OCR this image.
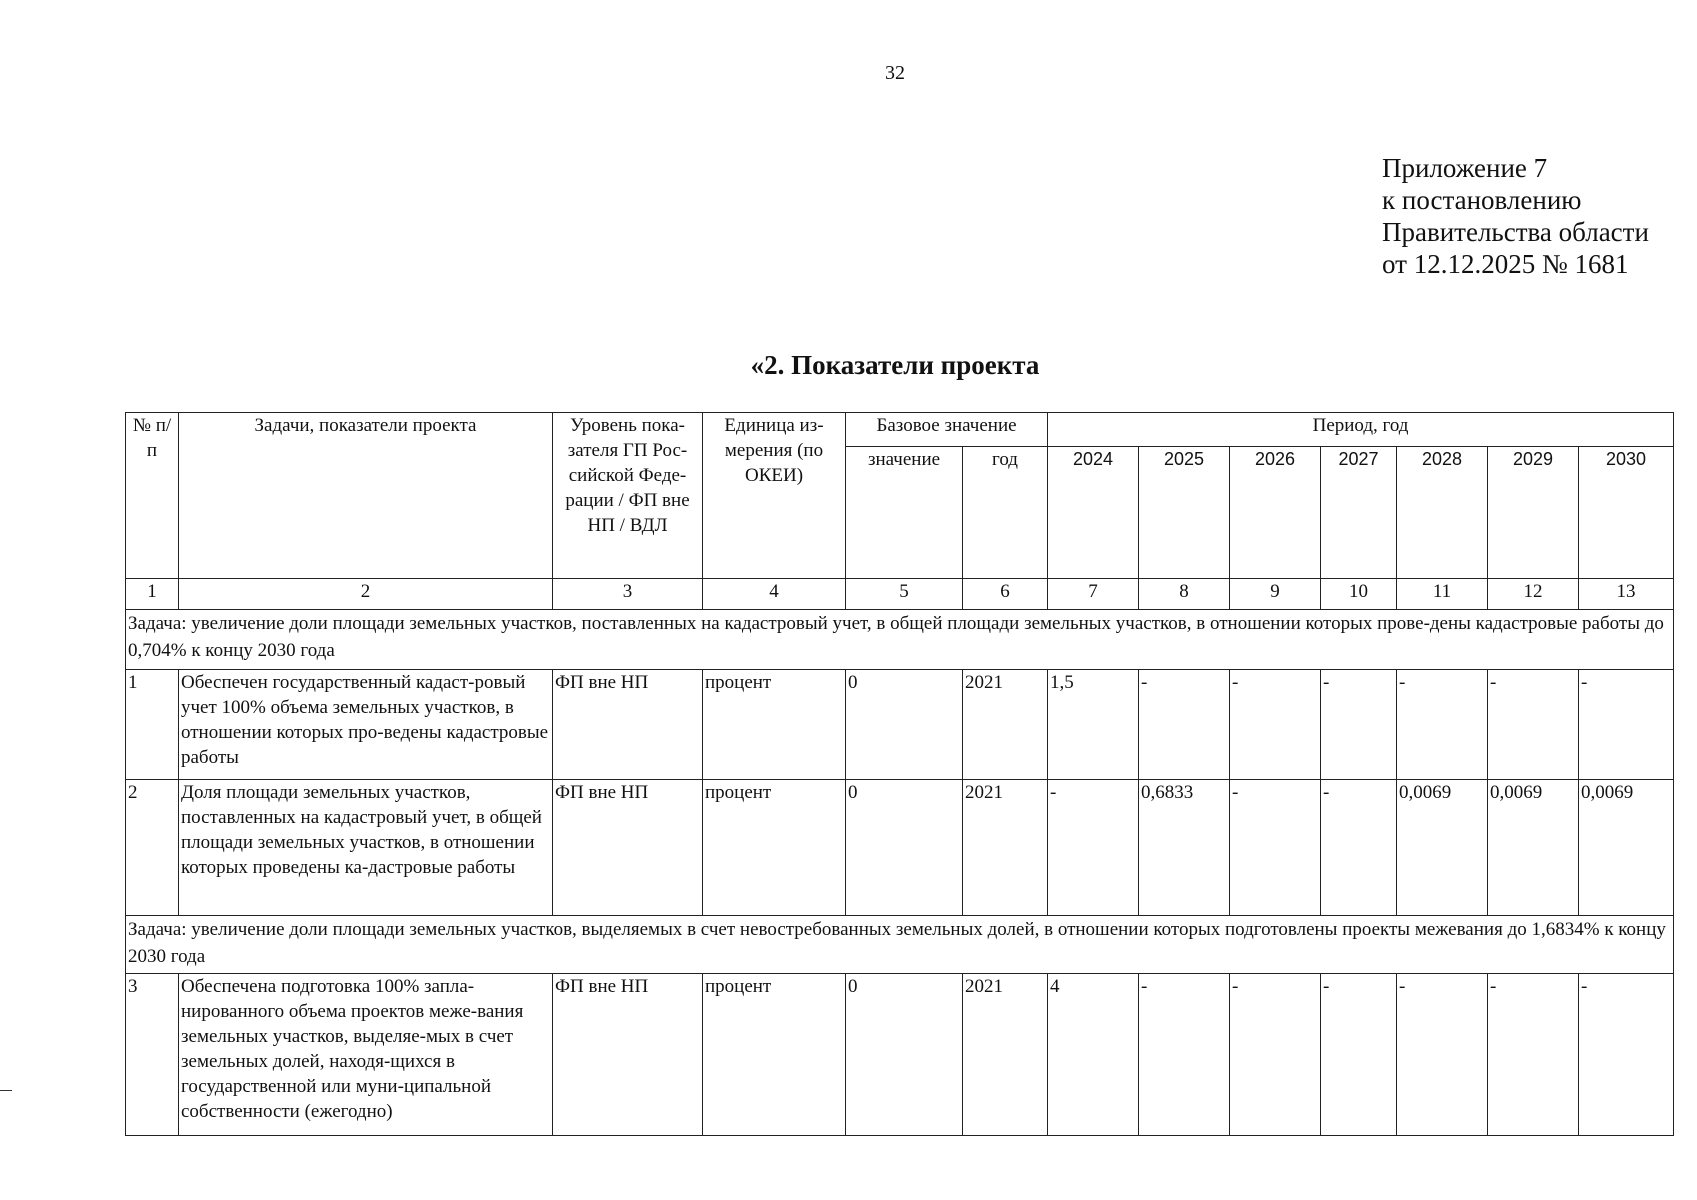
32
Приложение 7
к постановлению
Правительства области
от 12.12.2025 № 1681
«2. Показатели проекта
№ п/п	Задачи, показатели проекта	Уровень пока-зателя ГП Рос-сийской Феде-рации / ФП вне НП / ВДЛ	Единица из-мерения (по ОКЕИ)	Базовое значение		Период, год						
				значение	год	2024	2025	2026	2027	2028	2029	2030
1	2	3	4	5	6	7	8	9	10	11	12	13
Задача: увеличение доли площади земельных участков, поставленных на кадастровый учет, в общей площади земельных участков, в отношении которых прове-дены кадастровые работы до 0,704% к концу 2030 года												
1	Обеспечен государственный кадаст-ровый учет 100% объема земельных участков, в отношении которых про-ведены кадастровые работы	ФП вне НП	процент	0	2021	1,5	-	-	-	-	-	-
2	Доля площади земельных участков, поставленных на кадастровый учет, в общей площади земельных участков, в отношении которых проведены ка-дастровые работы	ФП вне НП	процент	0	2021	-	0,6833	-	-	0,0069	0,0069	0,0069
Задача: увеличение доли площади земельных участков, выделяемых в счет невостребованных земельных долей, в отношении которых подготовлены проекты межевания до 1,6834% к концу 2030 года												
3	Обеспечена подготовка 100% запла-нированного объема проектов меже-вания земельных участков, выделяе-мых в счет земельных долей, находя-щихся в государственной или муни-ципальной собственности (ежегодно)	ФП вне НП	процент	0	2021	4	-	-	-	-	-	-
